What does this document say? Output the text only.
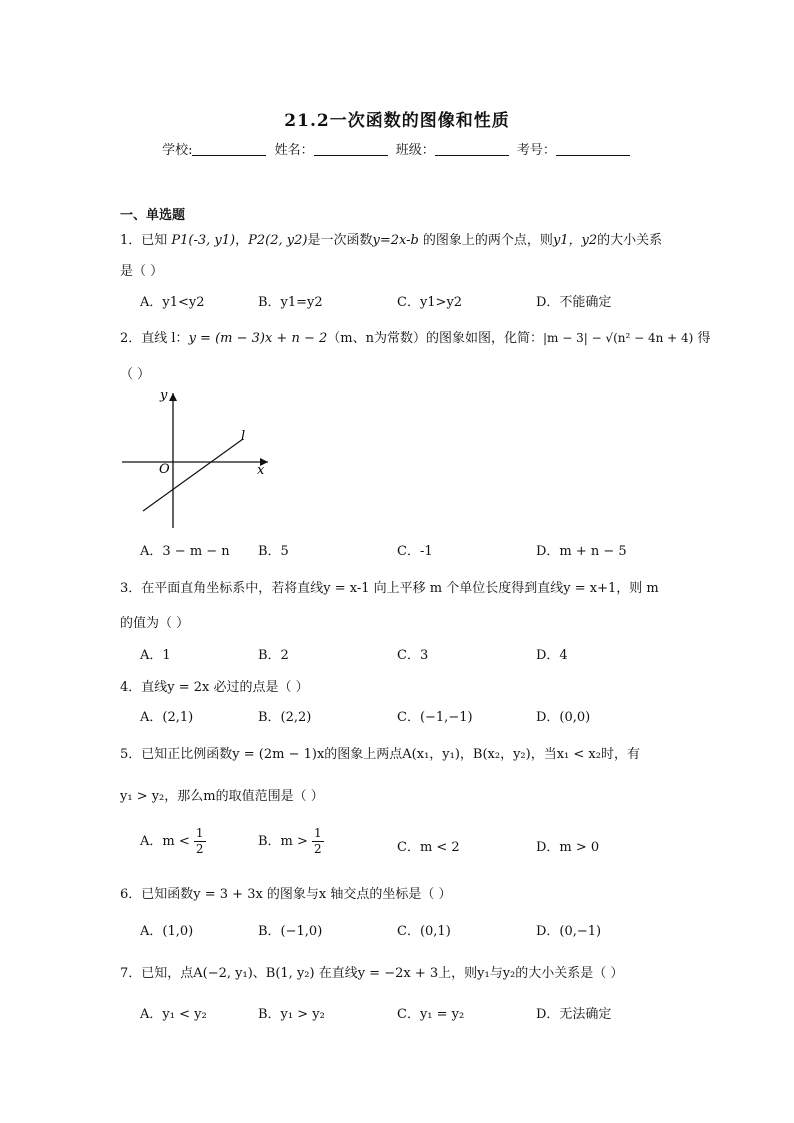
21.2一次函数的图像和性质
学校:	姓名：	班级：	考号：
一、单选题
1．已知 P1(-3, y1)，P2(2, y2)是一次函数y=2x-b 的图象上的两个点，则y1，y2的大小关系
是（ ）
A．y1<y2	B．y1=y2	C．y1>y2	D．不能确定
2．直线 l：y = (m − 3)x + n − 2（m、n为常数）的图象如图，化简：|m − 3| − √(n² − 4n + 4) 得
（ ）
y
x
O
l
A．3 − m − n B．5	C．-1	D．m + n − 5
3．在平面直角坐标系中，若将直线y = x-1 向上平移 m 个单位长度得到直线y = x+1，则 m
的值为（ ）
A．1	B．2	C．3	D．4
4．直线y = 2x 必过的点是（ ）
A．(2,1)	B．(2,2)	C．(−1,−1)	D．(0,0)
5．已知正比例函数y = (2m − 1)x的图象上两点A(x₁，y₁)，B(x₂，y₂)，当x₁ < x₂时，有
y₁ > y₂，那么m的取值范围是（ ）
A．$m < \frac{1}{2}$	B．$m > \frac{1}{2}$	C．m < 2	D．m > 0
6．已知函数y = 3 + 3x 的图象与x 轴交点的坐标是（ ）
A．(1,0)	B．(−1,0)	C．(0,1)	D．(0,−1)
7．已知，点A(−2, y₁)、B(1, y₂) 在直线y = −2x + 3上，则y₁与y₂的大小关系是（ ）
A．y₁ < y₂	B．y₁ > y₂	C．y₁ = y₂	D．无法确定
